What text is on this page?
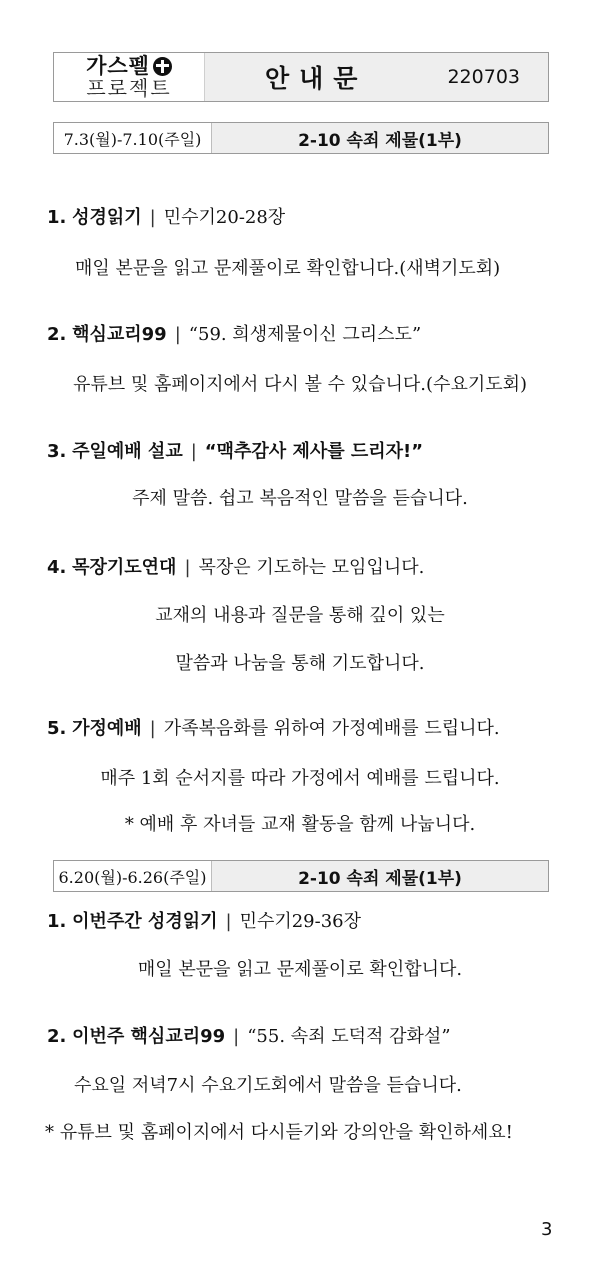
가스펠
프로젝트	안내문	220703
7.3(월)-7.10(주일)	2-10 속죄 제물(1부)
1. 성경읽기 | 민수기20-28장
매일 본문을 읽고 문제풀이로 확인합니다.(새벽기도회)
2. 핵심교리99 | “59. 희생제물이신 그리스도”
유튜브 및 홈페이지에서 다시 볼 수 있습니다.(수요기도회)
3. 주일예배 설교 | “맥추감사 제사를 드리자!”
주제 말씀. 쉽고 복음적인 말씀을 듣습니다.
4. 목장기도연대 | 목장은 기도하는 모임입니다.
교재의 내용과 질문을 통해 깊이 있는
말씀과 나눔을 통해 기도합니다.
5. 가정예배 | 가족복음화를 위하여 가정예배를 드립니다.
매주 1회 순서지를 따라 가정에서 예배를 드립니다.
* 예배 후 자녀들 교재 활동을 함께 나눕니다.
6.20(월)-6.26(주일)	2-10 속죄 제물(1부)
1. 이번주간 성경읽기 | 민수기29-36장
매일 본문을 읽고 문제풀이로 확인합니다.
2. 이번주 핵심교리99 | “55. 속죄 도덕적 감화설”
수요일 저녁7시 수요기도회에서 말씀을 듣습니다.
* 유튜브 및 홈페이지에서 다시듣기와 강의안을 확인하세요!
3
